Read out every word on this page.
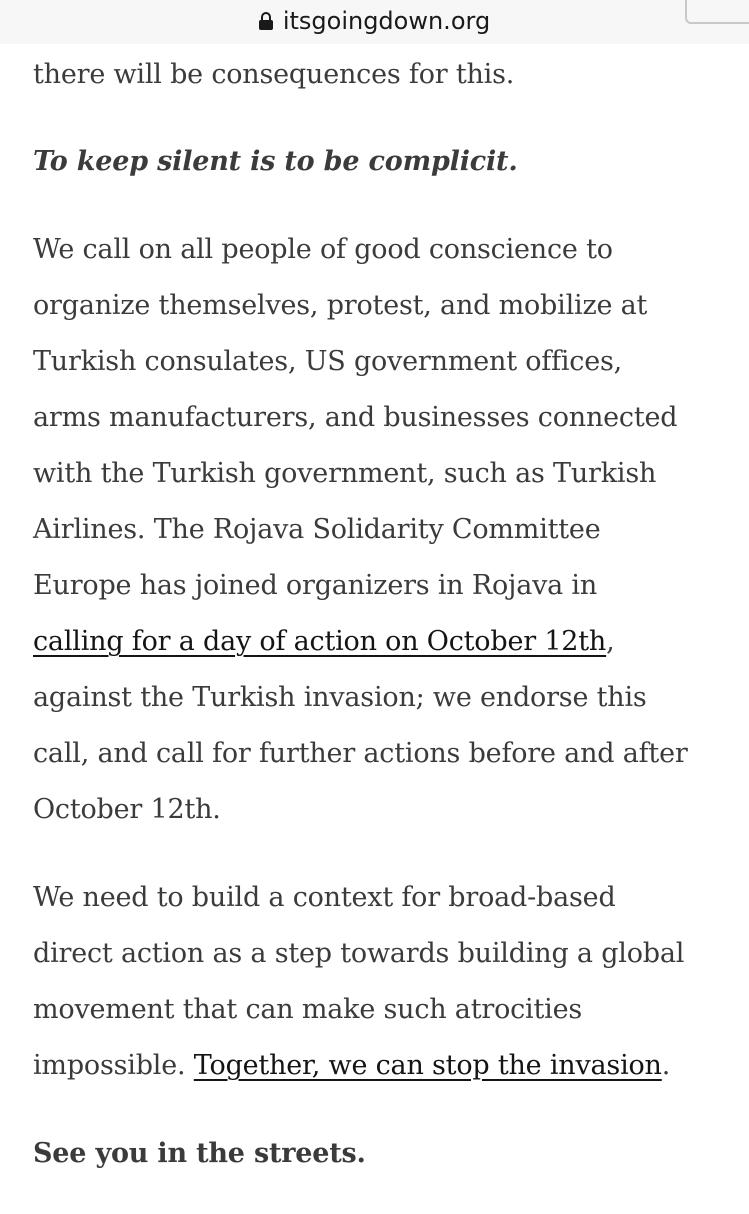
itsgoingdown.org

there will be consequences for this.

To keep silent is to be complicit.

We call on all people of good conscience to
organize themselves, protest, and mobilize at
Turkish consulates, US government offices,
arms manufacturers, and businesses connected
with the Turkish government, such as Turkish
Airlines. The Rojava Solidarity Committee
Europe has joined organizers in Rojava in
calling for a day of action on October 12th,
against the Turkish invasion; we endorse this
call, and call for further actions before and after
October 12th.

We need to build a context for broad-based
direct action as a step towards building a global
movement that can make such atrocities
impossible. Together, we can stop the invasion.

See you in the streets.
